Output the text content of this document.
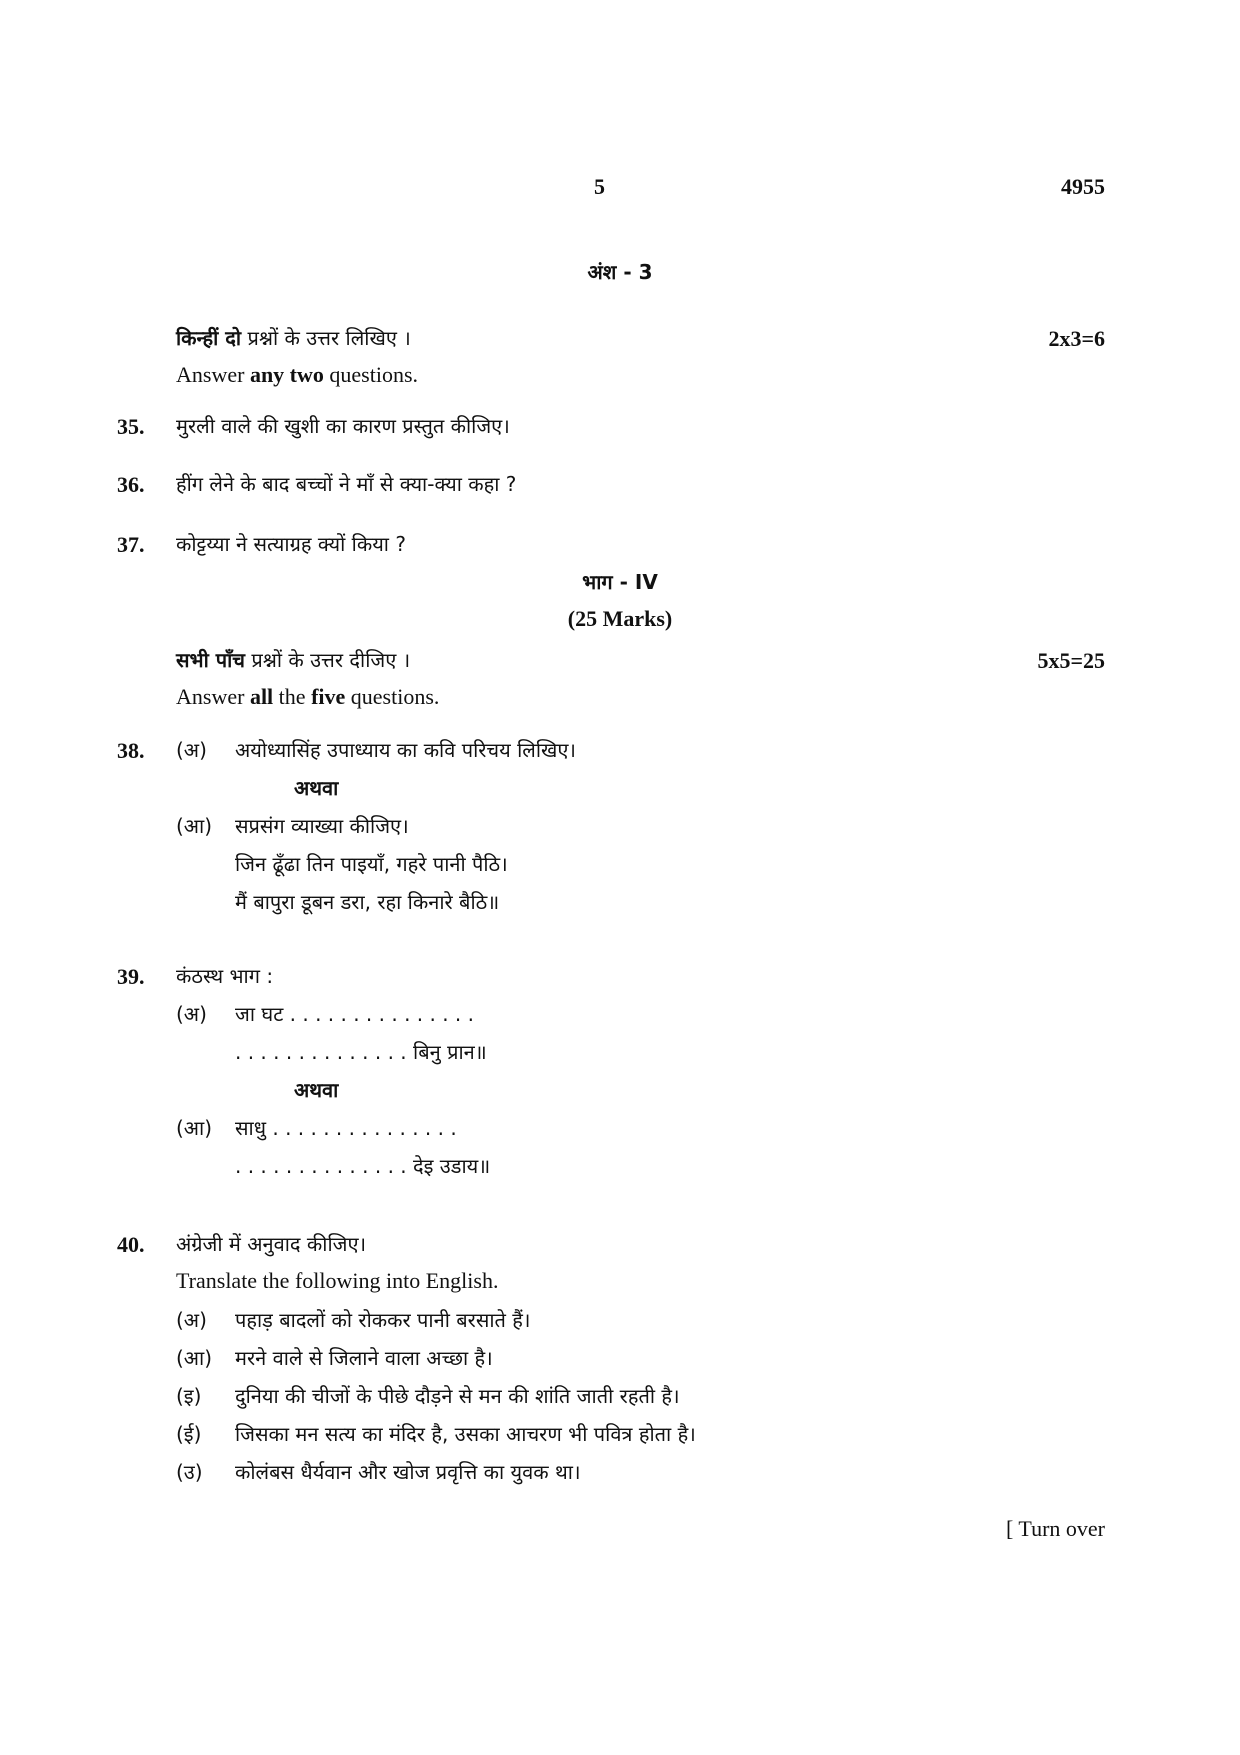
5	4955
अंश - 3
किन्हीं दो प्रश्नों के उत्तर लिखिए ।	2x3=6
Answer any two questions.
35. मुरली वाले की खुशी का कारण प्रस्तुत कीजिए।
36. हींग लेने के बाद बच्चों ने माँ से क्या-क्या कहा ?
37. कोट्टय्या ने सत्याग्रह क्यों किया ?
भाग - IV
(25 Marks)
सभी पाँच प्रश्नों के उत्तर दीजिए ।	5x5=25
Answer all the five questions.
38. (अ) अयोध्यासिंह उपाध्याय का कवि परिचय लिखिए।
अथवा
(आ) सप्रसंग व्याख्या कीजिए।
जिन ढूँढा तिन पाइयाँ, गहरे पानी पैठि।
मैं बापुरा डूबन डरा, रहा किनारे बैठि॥
39. कंठस्थ भाग :
(अ) जा घट . . . . . . . . . . . . . . .
. . . . . . . . . . . . . . बिनु प्रान॥
अथवा
(आ) साधु . . . . . . . . . . . . . . .
. . . . . . . . . . . . . . देइ उडाय॥
40. अंग्रेजी में अनुवाद कीजिए।
Translate the following into English.
(अ) पहाड़ बादलों को रोककर पानी बरसाते हैं।
(आ) मरने वाले से जिलाने वाला अच्छा है।
(इ) दुनिया की चीजों के पीछे दौड़ने से मन की शांति जाती रहती है।
(ई) जिसका मन सत्य का मंदिर है, उसका आचरण भी पवित्र होता है।
(उ) कोलंबस धैर्यवान और खोज प्रवृत्ति का युवक था।
[ Turn over
